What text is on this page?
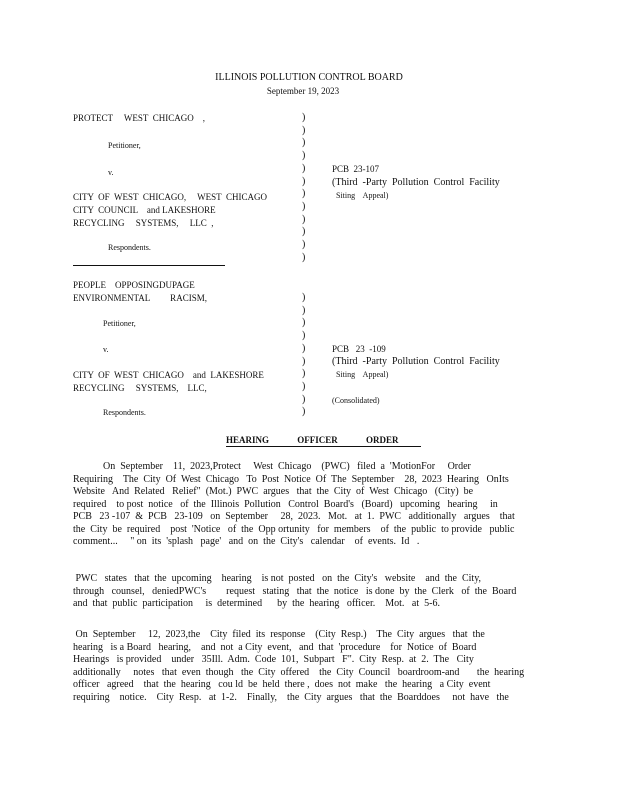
ILLINOIS POLLUTION CONTROL BOARD
September 19, 2023
PROTECT     WEST  CHICAGO    ,
Petitioner,
v.
CITY  OF  WEST  CHICAGO,     WEST  CHICAGO
CITY  COUNCIL    and LAKESHORE
RECYCLING     SYSTEMS,     LLC  ,
Respondents.
)
)
)
)
)
)
)
)
)
)
)
)
PCB  23-107
(Third  -Party  Pollution  Control  Facility
Siting    Appeal)
PEOPLE    OPPOSINGDUPAGE
ENVIRONMENTAL         RACISM,
Petitioner,
v.
CITY  OF  WEST  CHICAGO    and  LAKESHORE
RECYCLING     SYSTEMS,    LLC,
Respondents.
)
)
)
)
)
)
)
)
)
)
PCB   23  -109
(Third  -Party  Pollution  Control  Facility
Siting    Appeal)
(Consolidated)
HEARING OFFICER ORDER
On  September    11,  2023,Protect     West  Chicago    (PWC)   filed  a  'MotionFor     Order
Requiring    The  City  Of  West  Chicago   To  Post  Notice  Of  The  September    28,  2023  Hearing   OnIts
Website   And  Related   Relief"  (Mot.)  PWC  argues   that  the  City  of  West  Chicago   (City)  be
required    to post  notice   of  the  Illinois  Pollution   Control  Board's   (Board)   upcoming   hearing     in
PCB   23 -107  &  PCB   23-109   on  September     28,  2023.   Mot.   at  1.  PWC   additionally   argues    that
the  City  be  required    post  'Notice   of  the  Opp ortunity   for  members    of  the  public  to provide   public
comment...     " on  its  'splash   page'   and  on  the  City's   calendar    of  events.  Id   .
PWC   states   that  the  upcoming    hearing    is not  posted   on  the  City's   website    and  the  City,
through   counsel,   deniedPWC's        request   stating   that  the  notice   is done  by  the  Clerk   of  the  Board
and  that  public  participation     is  determined      by  the  hearing   officer.    Mot.   at  5-6.
On  September     12,  2023,the    City  filed  its  response    (City  Resp.)    The  City  argues   that  the
hearing   is a Board   hearing,    and  not  a City  event,   and  that  'procedure    for  Notice  of  Board
Hearings   is provided    under   35Ill.  Adm.  Code  101,  Subpart   F".  City  Resp.  at  2.  The   City
additionally     notes   that  even  though   the  City  offered    the  City  Council   boardroom-and       the  hearing
officer   agreed    that  the  hearing   cou ld  be  held  there ,  does  not  make   the  hearing   a City  event
requiring    notice.    City  Resp.   at  1-2.    Finally,    the  City  argues   that  the  Boarddoes     not  have   the
